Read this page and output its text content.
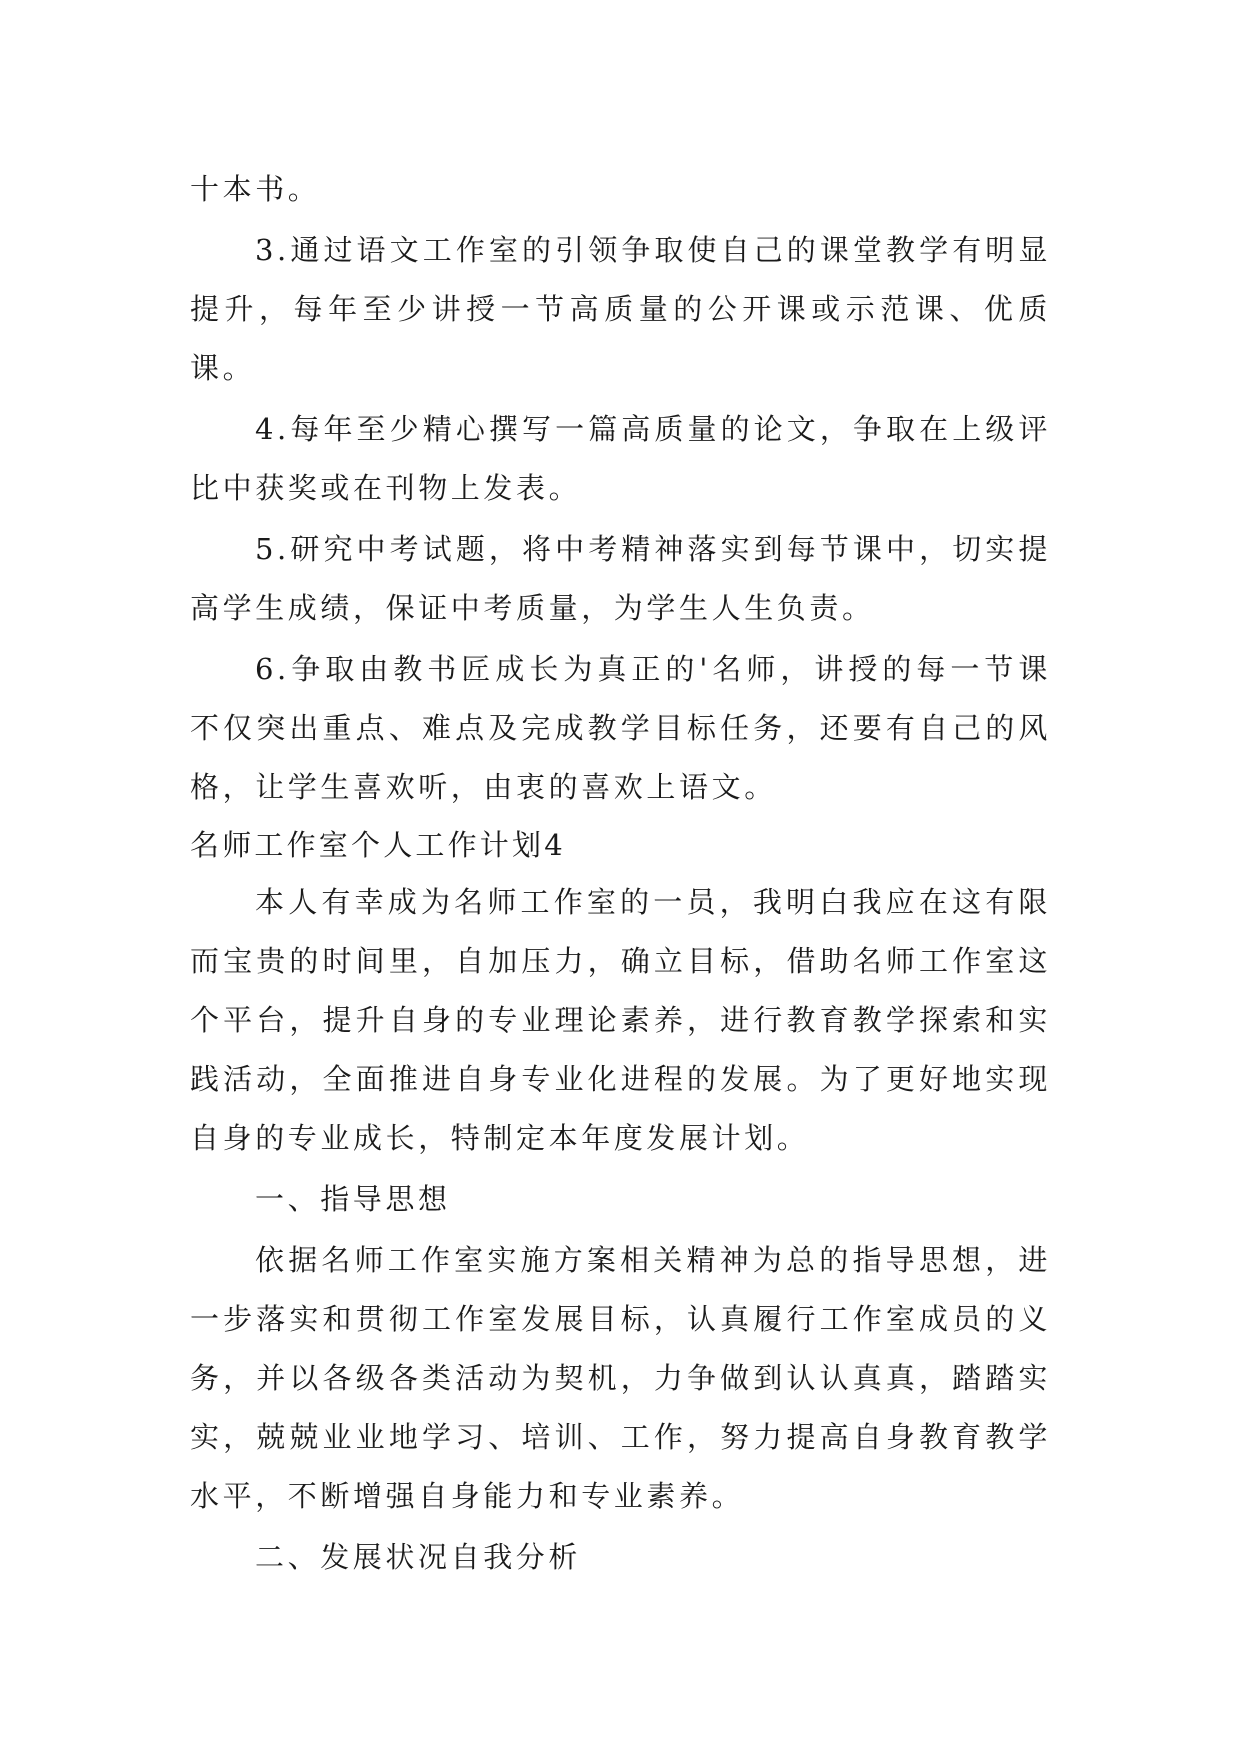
十本书。

3.通过语文工作室的引领争取使自己的课堂教学有明显提升，每年至少讲授一节高质量的公开课或示范课、优质课。

4.每年至少精心撰写一篇高质量的论文，争取在上级评比中获奖或在刊物上发表。

5.研究中考试题，将中考精神落实到每节课中，切实提高学生成绩，保证中考质量，为学生人生负责。

6.争取由教书匠成长为真正的'名师，讲授的每一节课不仅突出重点、难点及完成教学目标任务，还要有自己的风格，让学生喜欢听，由衷的喜欢上语文。

名师工作室个人工作计划4

本人有幸成为名师工作室的一员，我明白我应在这有限而宝贵的时间里，自加压力，确立目标，借助名师工作室这个平台，提升自身的专业理论素养，进行教育教学探索和实践活动，全面推进自身专业化进程的发展。为了更好地实现自身的专业成长，特制定本年度发展计划。

一、指导思想

依据名师工作室实施方案相关精神为总的指导思想，进一步落实和贯彻工作室发展目标，认真履行工作室成员的义务，并以各级各类活动为契机，力争做到认认真真，踏踏实实，兢兢业业地学习、培训、工作，努力提高自身教育教学水平，不断增强自身能力和专业素养。

二、发展状况自我分析
